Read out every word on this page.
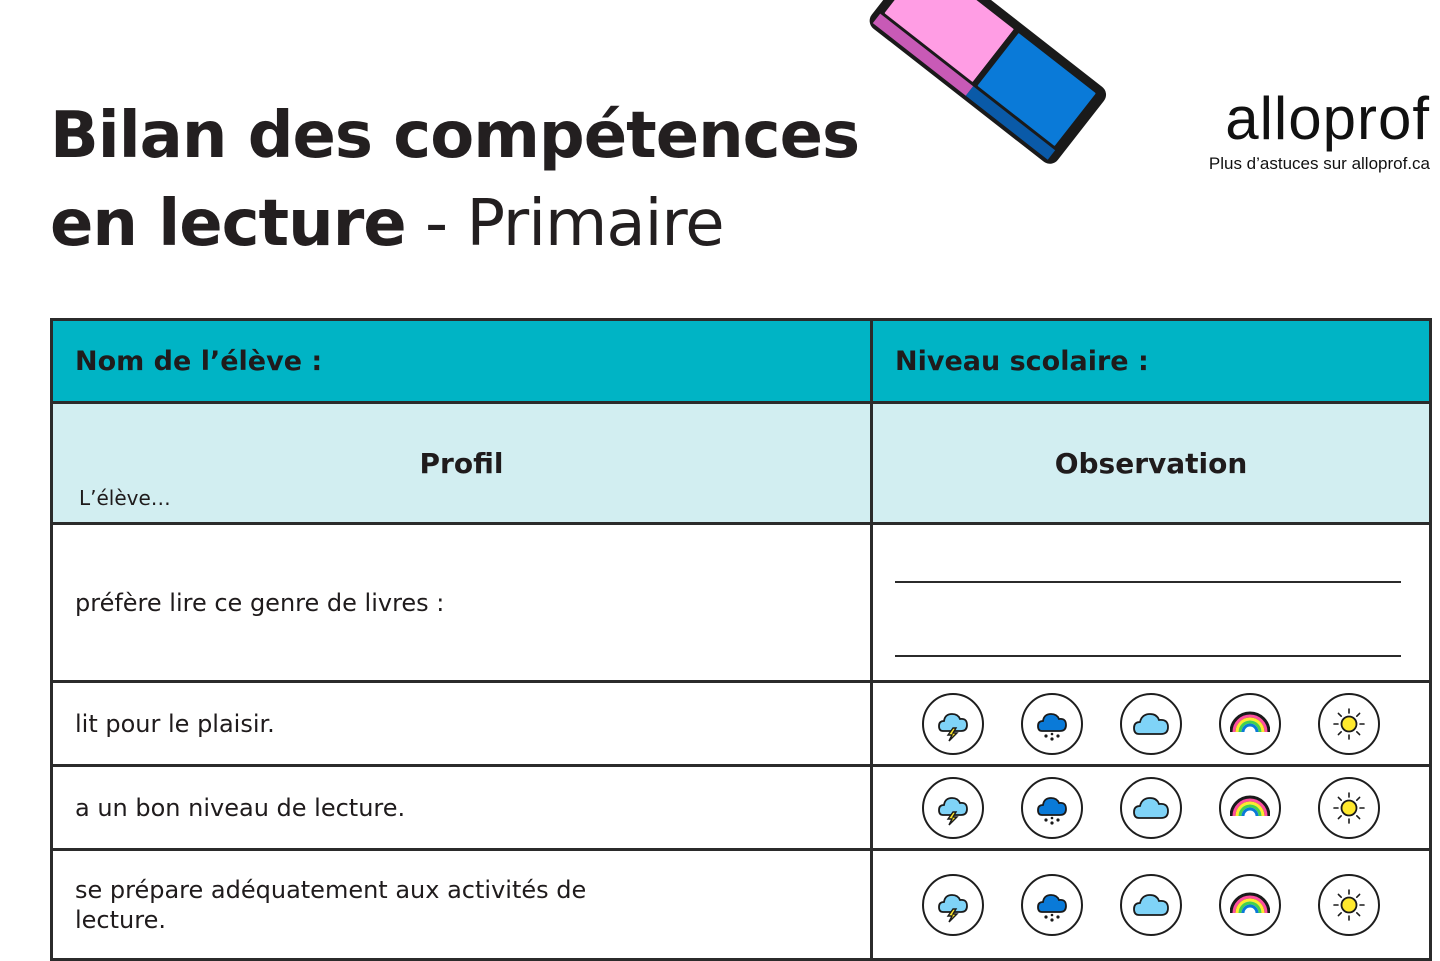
Bilan des compétences
en lecture - Primaire
alloprof
Plus d’astuces sur alloprof.ca
Nom de l’élève :	Niveau scolaire :
Profil
L’élève…
Observation
préfère lire ce genre de livres :
lit pour le plaisir.
a un bon niveau de lecture.
se prépare adéquatement aux activités de lecture.
